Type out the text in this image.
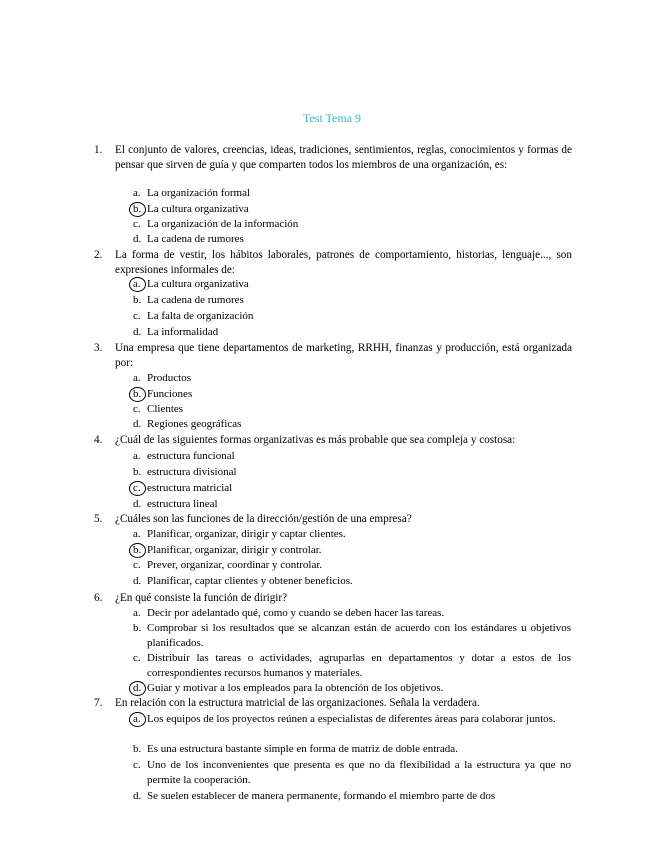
Test Tema 9
1. El conjunto de valores, creencias, ideas, tradiciones, sentimientos, reglas, conocimientos y formas de pensar que sirven de guía y que comparten todos los miembros de una organización, es:
a. La organización formal
b. La cultura organizativa
c. La organización de la información
d. La cadena de rumores
2. La forma de vestir, los hábitos laborales, patrones de comportamiento, historias, lenguaje..., son expresiones informales de:
a. La cultura organizativa
b. La cadena de rumores
c. La falta de organización
d. La informalidad
3. Una empresa que tiene departamentos de marketing, RRHH, finanzas y producción, está organizada por:
a. Productos
b. Funciones
c. Clientes
d. Regiones geográficas
4. ¿Cuál de las siguientes formas organizativas es más probable que sea compleja y costosa:
a. estructura funcional
b. estructura divisional
c. estructura matricial
d. estructura lineal
5. ¿Cuáles son las funciones de la dirección/gestión de una empresa?
a. Planificar, organizar, dirigir y captar clientes.
b. Planificar, organizar, dirigir y controlar.
c. Prever, organizar, coordinar y controlar.
d. Planificar, captar clientes y obtener beneficios.
6. ¿En qué consiste la función de dirigir?
a. Decir por adelantado qué, como y cuando se deben hacer las tareas.
b. Comprobar si los resultados que se alcanzan están de acuerdo con los estándares u objetivos planificados.
c. Distribuir las tareas o actividades, agruparlas en departamentos y dotar a estos de los correspondientes recursos humanos y materiales.
d. Guiar y motivar a los empleados para la obtención de los objetivos.
7. En relación con la estructura matricial de las organizaciones. Señala la verdadera.
a. Los equipos de los proyectos reúnen a especialistas de diferentes áreas para colaborar juntos.
b. Es una estructura bastante simple en forma de matriz de doble entrada.
c. Uno de los inconvenientes que presenta es que no da flexibilidad a la estructura ya que no permite la cooperación.
d. Se suelen establecer de manera permanente, formando el miembro parte de dos
